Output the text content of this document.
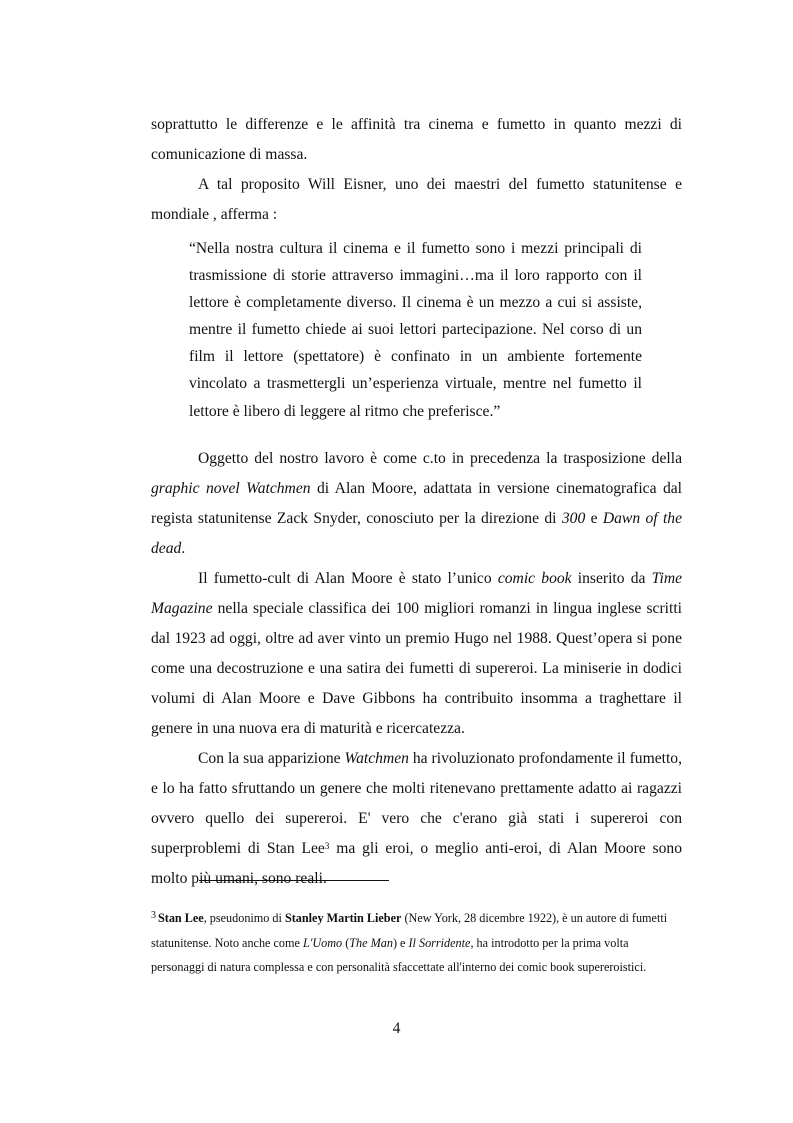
soprattutto le differenze e le affinità tra cinema e fumetto in quanto mezzi di comunicazione di massa.

A tal proposito Will Eisner, uno dei maestri del fumetto statunitense e mondiale , afferma :

“Nella nostra cultura il cinema e il fumetto sono i mezzi principali di trasmissione di storie attraverso immagini…ma il loro rapporto con il lettore è completamente diverso. Il cinema è un mezzo a cui si assiste, mentre il fumetto chiede ai suoi lettori partecipazione. Nel corso di un film il lettore (spettatore) è confinato in un ambiente fortemente vincolato a trasmettergli un’esperienza virtuale, mentre nel fumetto il lettore è libero di leggere al ritmo che preferisce.”

Oggetto del nostro lavoro è come c.to in precedenza la trasposizione della graphic novel Watchmen di Alan Moore, adattata in versione cinematografica dal regista statunitense Zack Snyder, conosciuto per la direzione di 300 e Dawn of the dead.

Il fumetto-cult di Alan Moore è stato l’unico comic book inserito da Time Magazine nella speciale classifica dei 100 migliori romanzi in lingua inglese scritti dal 1923 ad oggi, oltre ad aver vinto un premio Hugo nel 1988. Quest’opera si pone come una decostruzione e una satira dei fumetti di supereroi. La miniserie in dodici volumi di Alan Moore e Dave Gibbons ha contribuito insomma a traghettare il genere in una nuova era di maturità e ricercatezza.

Con la sua apparizione Watchmen ha rivoluzionato profondamente il fumetto, e lo ha fatto sfruttando un genere che molti ritenevano prettamente adatto ai ragazzi ovvero quello dei supereroi. E' vero che c'erano già stati i supereroi con superproblemi di Stan Lee$^3$ ma gli eroi, o meglio anti-eroi, di Alan Moore sono molto più umani, sono reali.

$^3$ Stan Lee, pseudonimo di Stanley Martin Lieber (New York, 28 dicembre 1922), è un autore di fumetti statunitense. Noto anche come L'Uomo (The Man) e Il Sorridente, ha introdotto per la prima volta personaggi di natura complessa e con personalità sfaccettate all'interno dei comic book supereroistici.

4
